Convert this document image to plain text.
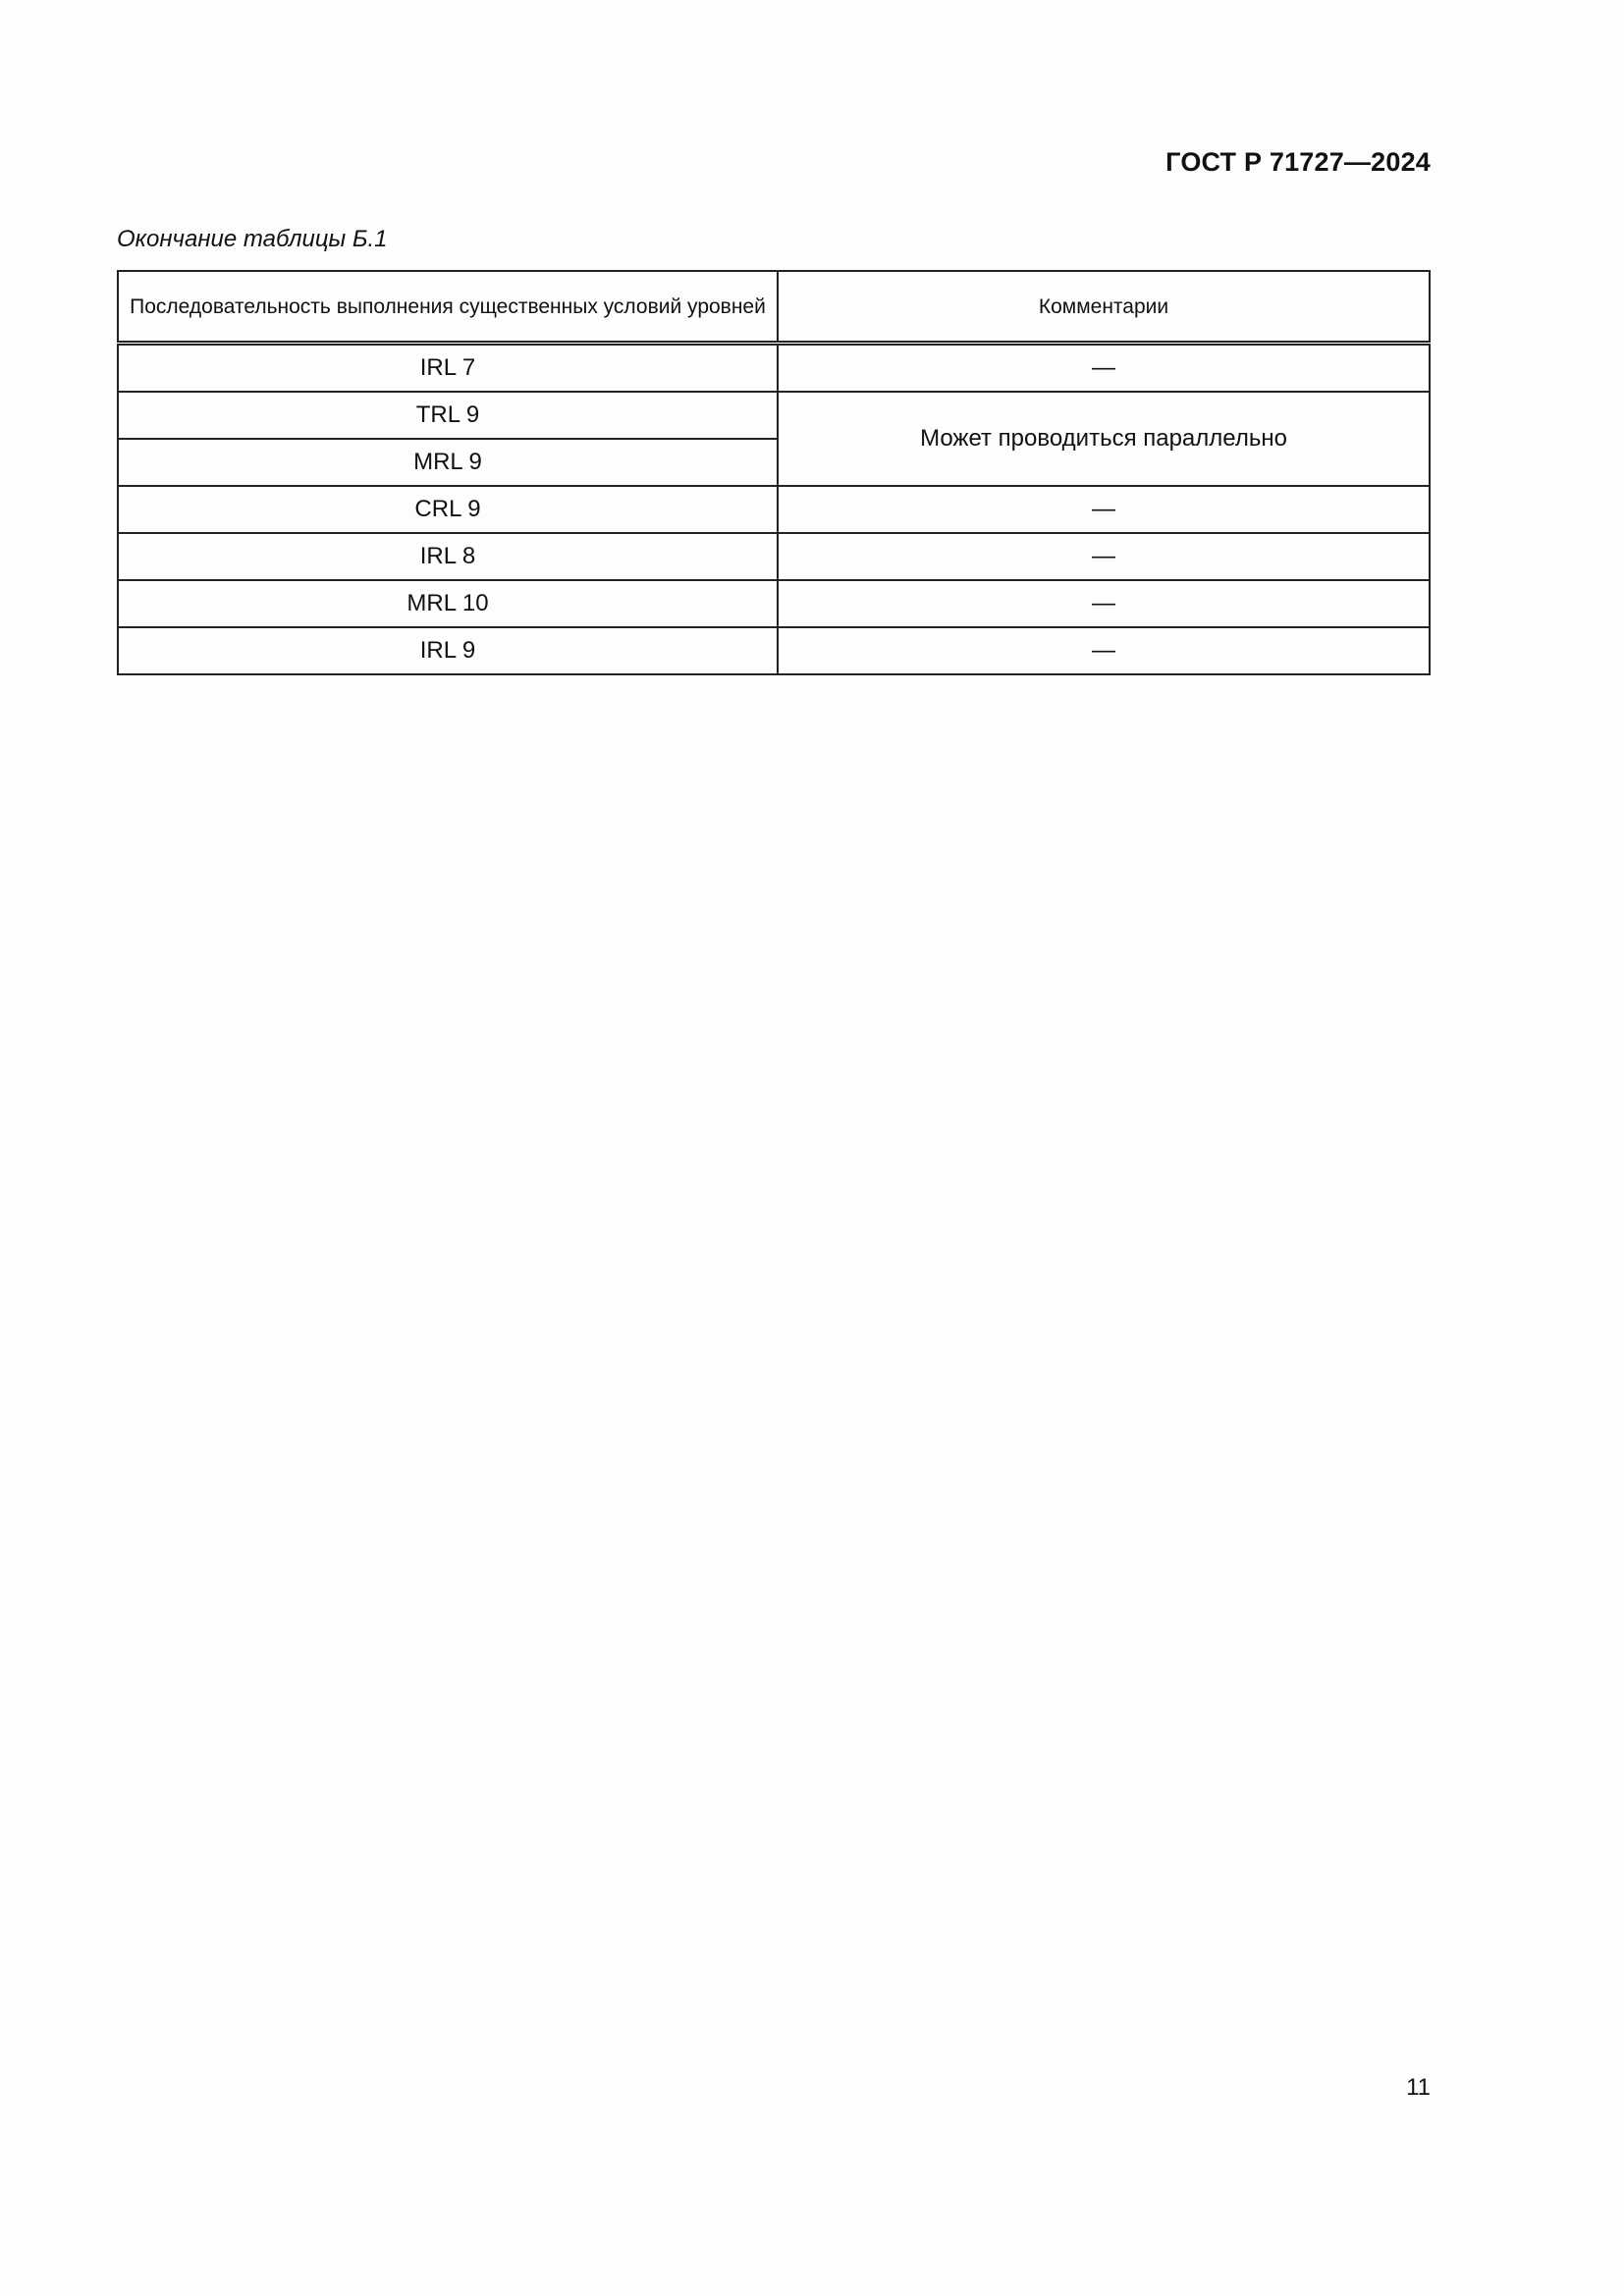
ГОСТ Р 71727—2024
Окончание таблицы Б.1
Последовательность выполнения существенных условий уровней	Комментарии
IRL 7	—
TRL 9	Может проводиться параллельно
MRL 9	
CRL 9	—
IRL 8	—
MRL 10	—
IRL 9	—
11
